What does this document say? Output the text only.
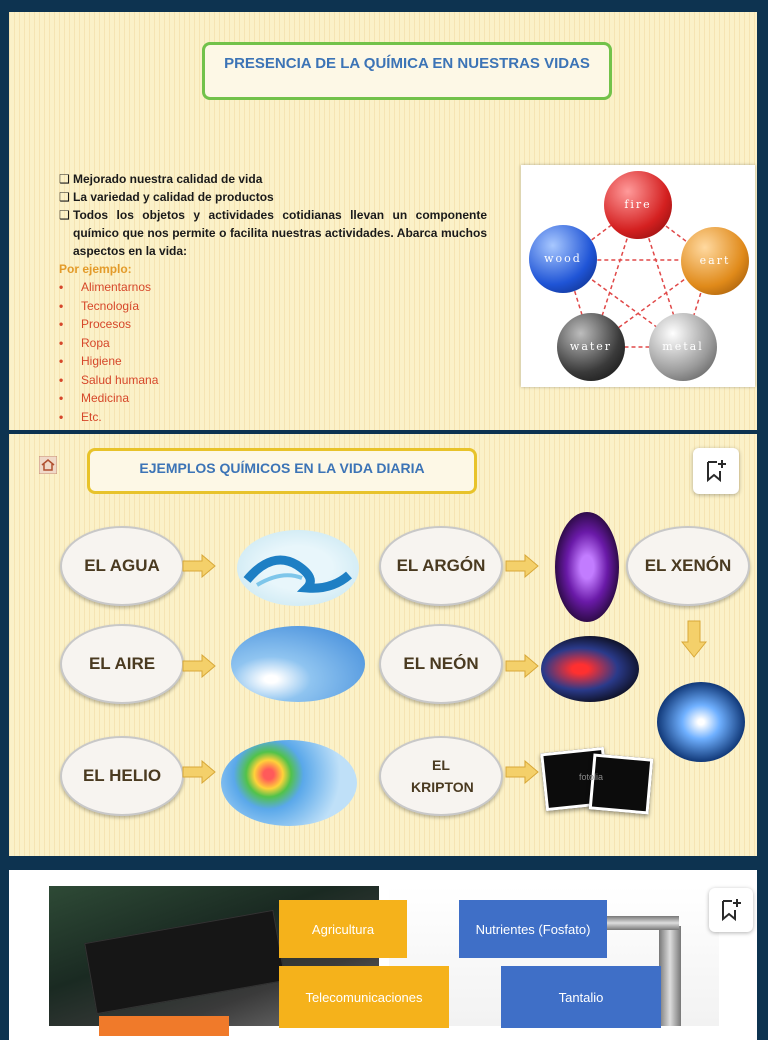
PRESENCIA DE LA QUÍMICA EN NUESTRAS VIDAS
❑ Mejorado nuestra calidad de vida
❑ La variedad y calidad de productos
❑ Todos los objetos y actividades cotidianas llevan un componente químico que nos permite o facilita nuestras actividades. Abarca muchos aspectos en la vida:
Por ejemplo:
• Alimentarnos
• Tecnología
• Procesos
• Ropa
• Higiene
• Salud humana
• Medicina
• Etc.
fire
eart
wood
water	metal
EJEMPLOS QUÍMICOS EN LA VIDA DIARIA
EL AGUA	EL ARGÓN	EL XENÓN
EL AIRE	EL NEÓN
EL HELIO
EL KRIPTON
fotolia
Agricultura	Nutrientes (Fosfato)
Telecomunicaciones	Tantalio
